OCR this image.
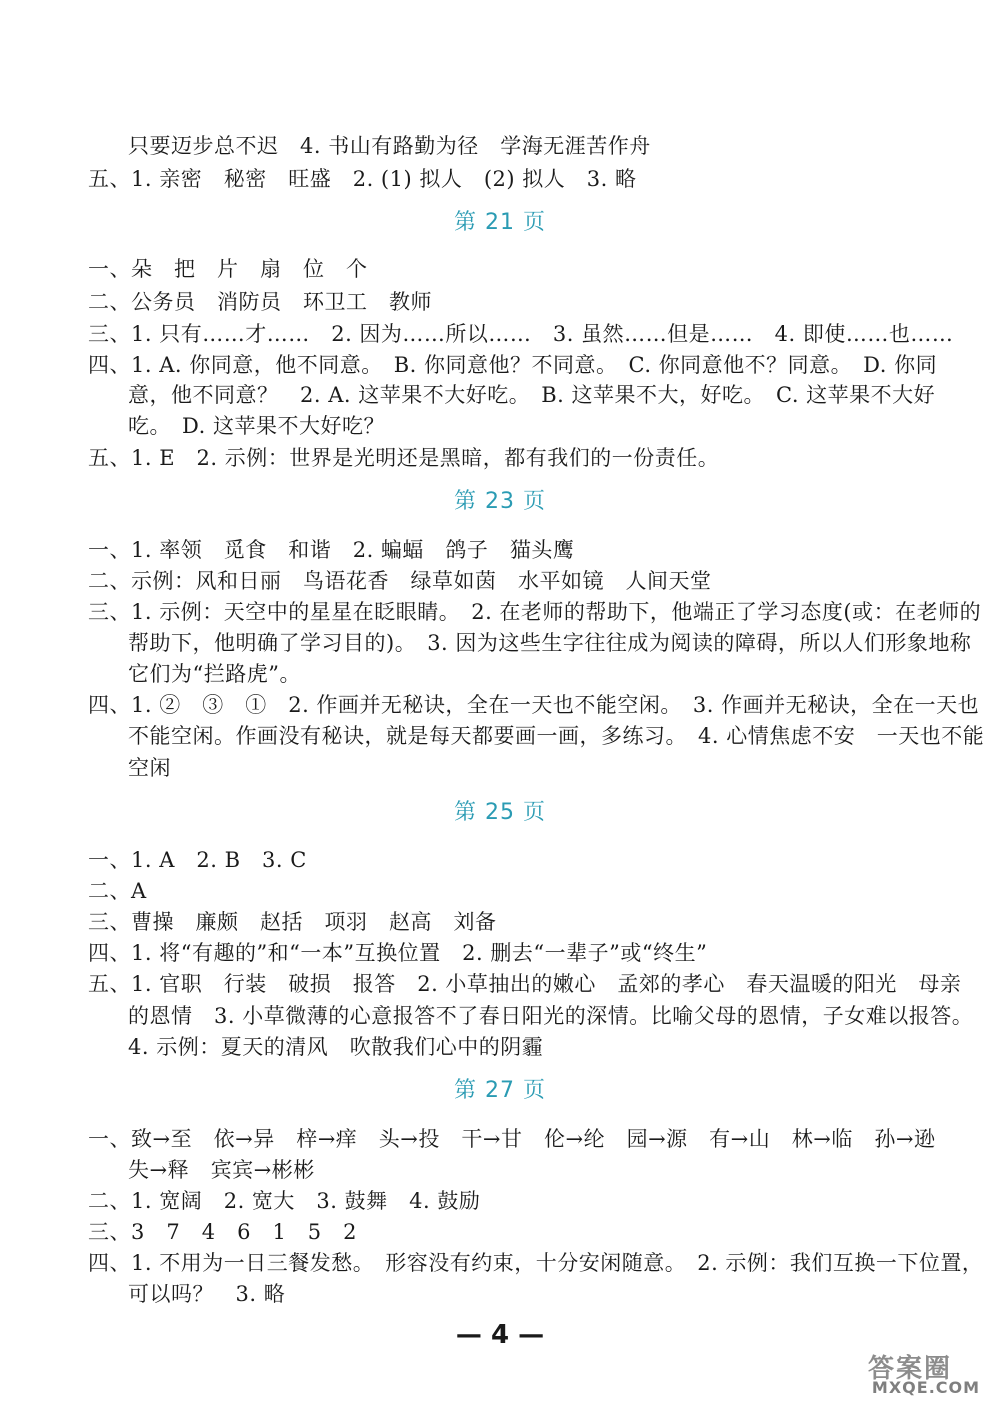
只要迈步总不迟　4. 书山有路勤为径　学海无涯苦作舟
五、1. 亲密　秘密　旺盛　2. (1) 拟人　(2) 拟人　3. 略
第 21 页
一、朵　把　片　扇　位　个
二、公务员　消防员　环卫工　教师
三、1. 只有……才……　2. 因为……所以……　3. 虽然……但是……　4. 即使……也……
四、1. A. 你同意，他不同意。　B. 你同意他？不同意。　C. 你同意他不？同意。　D. 你同
意，他不同意？　2. A. 这苹果不大好吃。　B. 这苹果不大，好吃。　C. 这苹果不大好
吃。　D. 这苹果不大好吃？
五、1. E　2. 示例：世界是光明还是黑暗，都有我们的一份责任。
第 23 页
一、1. 率领　觅食　和谐　2. 蝙蝠　鸽子　猫头鹰
二、示例：风和日丽　鸟语花香　绿草如茵　水平如镜　人间天堂
三、1. 示例：天空中的星星在眨眼睛。　2. 在老师的帮助下，他端正了学习态度(或：在老师的
帮助下，他明确了学习目的)。　3. 因为这些生字往往成为阅读的障碍，所以人们形象地称
它们为“拦路虎”。
四、1. ②　③　①　2. 作画并无秘诀，全在一天也不能空闲。　3. 作画并无秘诀，全在一天也
不能空闲。作画没有秘诀，就是每天都要画一画，多练习。　4. 心情焦虑不安　一天也不能
空闲
第 25 页
一、1. A　2. B　3. C
二、A
三、曹操　廉颇　赵括　项羽　赵高　刘备
四、1. 将“有趣的”和“一本”互换位置　2. 删去“一辈子”或“终生”
五、1. 官职　行装　破损　报答　2. 小草抽出的嫩心　孟郊的孝心　春天温暖的阳光　母亲
的恩情　3. 小草微薄的心意报答不了春日阳光的深情。比喻父母的恩情，子女难以报答。
4. 示例：夏天的清风　吹散我们心中的阴霾
第 27 页
一、致→至　依→异　梓→痒　头→投　干→甘　伦→纶　园→源　有→山　林→临　孙→逊
失→释　宾宾→彬彬
二、1. 宽阔　2. 宽大　3. 鼓舞　4. 鼓励
三、3　7　4　6　1　5　2
四、1. 不用为一日三餐发愁。　形容没有约束，十分安闲随意。　2. 示例：我们互换一下位置，
可以吗？　3. 略
— 4 —
答案圈
MXQE.COM
